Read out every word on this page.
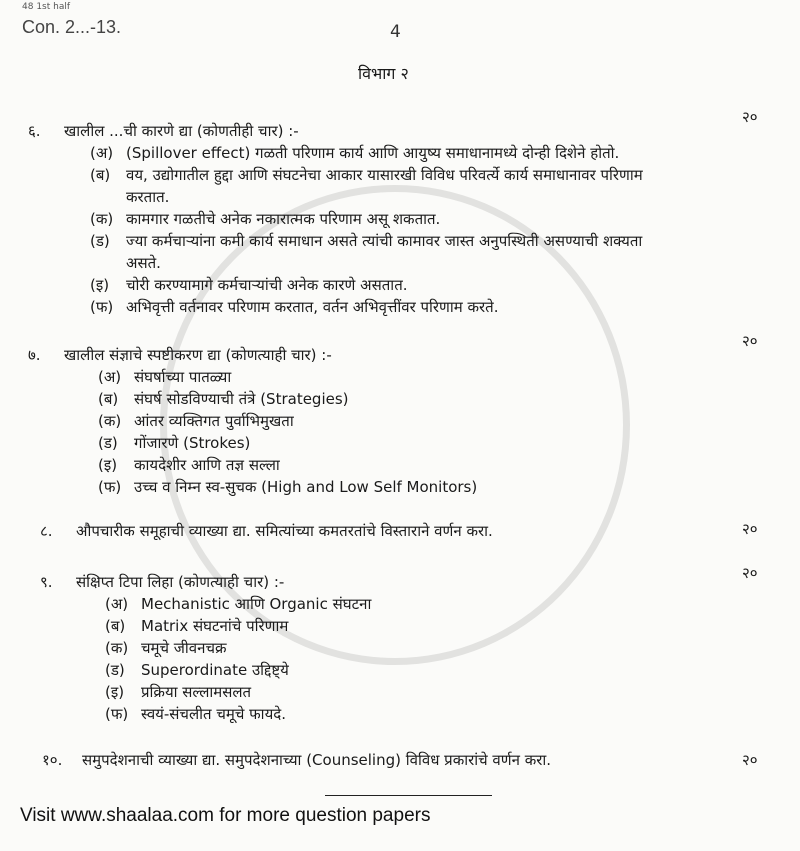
48 1st half
Con. 2...-13.	4
विभाग २
२०
६.	खालील ...ची कारणे द्या (कोणतीही चार) :-
(अ) (Spillover effect) गळती परिणाम कार्य आणि आयुष्य समाधानामध्ये दोन्ही दिशेने होतो.
(ब)	वय, उद्योगातील हुद्दा आणि संघटनेचा आकार यासारखी विविध परिवर्त्ये कार्य समाधानावर परिणाम
करतात.
(क) कामगार गळतीचे अनेक नकारात्मक परिणाम असू शकतात.
(ड)	ज्या कर्मचाऱ्यांना कमी कार्य समाधान असते त्यांची कामावर जास्त अनुपस्थिती असण्याची शक्यता
असते.
(इ)	चोरी करण्यामागे कर्मचाऱ्यांची अनेक कारणे असतात.
(फ) अभिवृत्ती वर्तनावर परिणाम करतात, वर्तन अभिवृत्तींवर परिणाम करते.
२०
७.	खालील संज्ञाचे स्पष्टीकरण द्या (कोणत्याही चार) :-
(अ) संघर्षाच्या पातळ्या
(ब)	संघर्ष सोडविण्याची तंत्रे (Strategies)
(क) आंतर व्यक्तिगत पुर्वाभिमुखता
(ड)	गोंजारणे (Strokes)
(इ)	कायदेशीर आणि तज्ञ सल्ला
(फ) उच्च व निम्न स्व-सुचक (High and Low Self Monitors)
२०
८.	औपचारीक समूहाची व्याख्या द्या. समित्यांच्या कमतरतांचे विस्ताराने वर्णन करा.
२०
९.	संक्षिप्त टिपा लिहा (कोणत्याही चार) :-
(अ) Mechanistic आणि Organic संघटना
(ब)	Matrix संघटनांचे परिणाम
(क) चमूचे जीवनचक्र
(ड)	Superordinate उद्दिष्ट्ये
(इ)	प्रक्रिया सल्लामसलत
(फ) स्वयं-संचलीत चमूचे फायदे.
२०
१०.	समुपदेशनाची व्याख्या द्या. समुपदेशनाच्या (Counseling) विविध प्रकारांचे वर्णन करा.
Visit www.shaalaa.com for more question papers
